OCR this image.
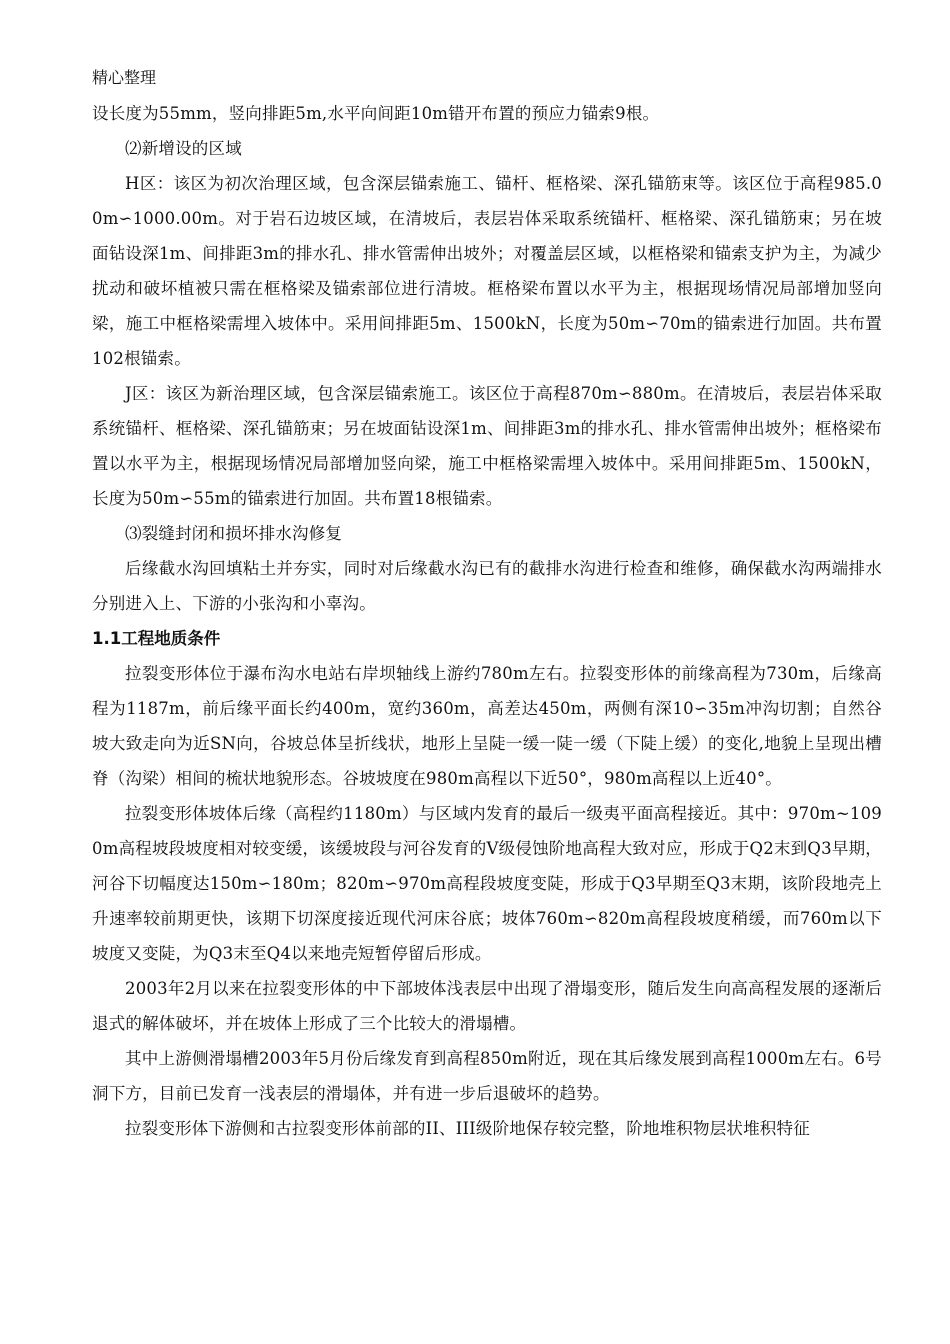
精心整理

设长度为55mm，竖向排距5m,水平向间距10m错开布置的预应力锚索9根。

⑵新增设的区域

H区：该区为初次治理区域，包含深层锚索施工、锚杆、框格梁、深孔锚筋束等。该区位于高程985.00m∽1000.00m。对于岩石边坡区域，在清坡后，表层岩体采取系统锚杆、框格梁、深孔锚筋束；另在坡面钻设深1m、间排距3m的排水孔、排水管需伸出坡外；对覆盖层区域，以框格梁和锚索支护为主，为减少扰动和破坏植被只需在框格梁及锚索部位进行清坡。框格梁布置以水平为主，根据现场情况局部增加竖向梁，施工中框格梁需埋入坡体中。采用间排距5m、1500kN，长度为50m∽70m的锚索进行加固。共布置102根锚索。

J区：该区为新治理区域，包含深层锚索施工。该区位于高程870m∽880m。在清坡后，表层岩体采取系统锚杆、框格梁、深孔锚筋束；另在坡面钻设深1m、间排距3m的排水孔、排水管需伸出坡外；框格梁布置以水平为主，根据现场情况局部增加竖向梁，施工中框格梁需埋入坡体中。采用间排距5m、1500kN，长度为50m∽55m的锚索进行加固。共布置18根锚索。

⑶裂缝封闭和损坏排水沟修复

后缘截水沟回填粘土并夯实，同时对后缘截水沟已有的截排水沟进行检查和维修，确保截水沟两端排水分别进入上、下游的小张沟和小辜沟。

1.1工程地质条件

拉裂变形体位于瀑布沟水电站右岸坝轴线上游约780m左右。拉裂变形体的前缘高程为730m，后缘高程为1187m，前后缘平面长约400m，宽约360m，高差达450m，两侧有深10∽35m冲沟切割；自然谷坡大致走向为近SN向，谷坡总体呈折线状，地形上呈陡一缓一陡一缓（下陡上缓）的变化,地貌上呈现出槽脊（沟梁）相间的梳状地貌形态。谷坡坡度在980m高程以下近50°，980m高程以上近40°。

拉裂变形体坡体后缘（高程约1180m）与区域内发育的最后一级夷平面高程接近。其中：970m~1090m高程坡段坡度相对较变缓，该缓坡段与河谷发育的Ⅴ级侵蚀阶地高程大致对应，形成于Q2末到Q3早期，河谷下切幅度达150m∽180m；820m∽970m高程段坡度变陡，形成于Q3早期至Q3末期，该阶段地壳上升速率较前期更快，该期下切深度接近现代河床谷底；坡体760m∽820m高程段坡度稍缓，而760m以下坡度又变陡，为Q3末至Q4以来地壳短暂停留后形成。

2003年2月以来在拉裂变形体的中下部坡体浅表层中出现了滑塌变形，随后发生向高高程发展的逐渐后退式的解体破坏，并在坡体上形成了三个比较大的滑塌槽。

其中上游侧滑塌槽2003年5月份后缘发育到高程850m附近，现在其后缘发展到高程1000m左右。6号洞下方，目前已发育一浅表层的滑塌体，并有进一步后退破坏的趋势。

拉裂变形体下游侧和古拉裂变形体前部的II、III级阶地保存较完整，阶地堆积物层状堆积特征
